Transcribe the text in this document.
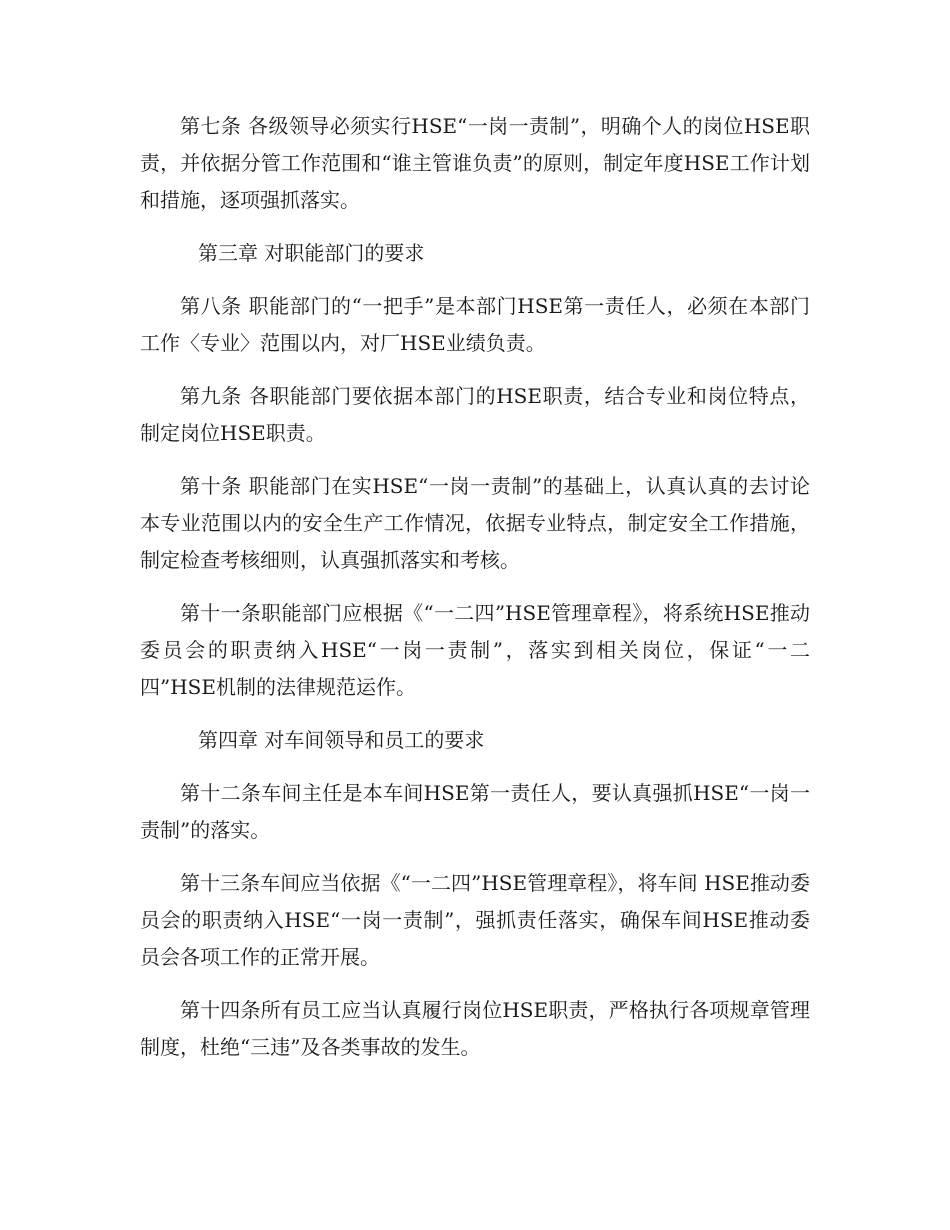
第七条 各级领导必须实行HSE“一岗一责制”，明确个人的岗位HSE职责，并依据分管工作范围和“谁主管谁负责”的原则，制定年度HSE工作计划和措施，逐项强抓落实。

第三章 对职能部门的要求

第八条 职能部门的“一把手”是本部门HSE第一责任人，必须在本部门工作〈专业〉范围以内，对厂HSE业绩负责。

第九条 各职能部门要依据本部门的HSE职责，结合专业和岗位特点，制定岗位HSE职责。

第十条 职能部门在实HSE“一岗一责制”的基础上，认真认真的去讨论本专业范围以内的安全生产工作情况，依据专业特点，制定安全工作措施，制定检查考核细则，认真强抓落实和考核。

第十一条职能部门应根据《“一二四”HSE管理章程》，将系统HSE推动委员会的职责纳入HSE“一岗一责制”，落实到相关岗位，保证“一二四”HSE机制的法律规范运作。

第四章 对车间领导和员工的要求

第十二条车间主任是本车间HSE第一责任人，要认真强抓HSE“一岗一责制”的落实。

第十三条车间应当依据《“一二四”HSE管理章程》，将车间 HSE推动委员会的职责纳入HSE“一岗一责制”，强抓责任落实，确保车间HSE推动委员会各项工作的正常开展。

第十四条所有员工应当认真履行岗位HSE职责，严格执行各项规章管理制度，杜绝“三违”及各类事故的发生。
